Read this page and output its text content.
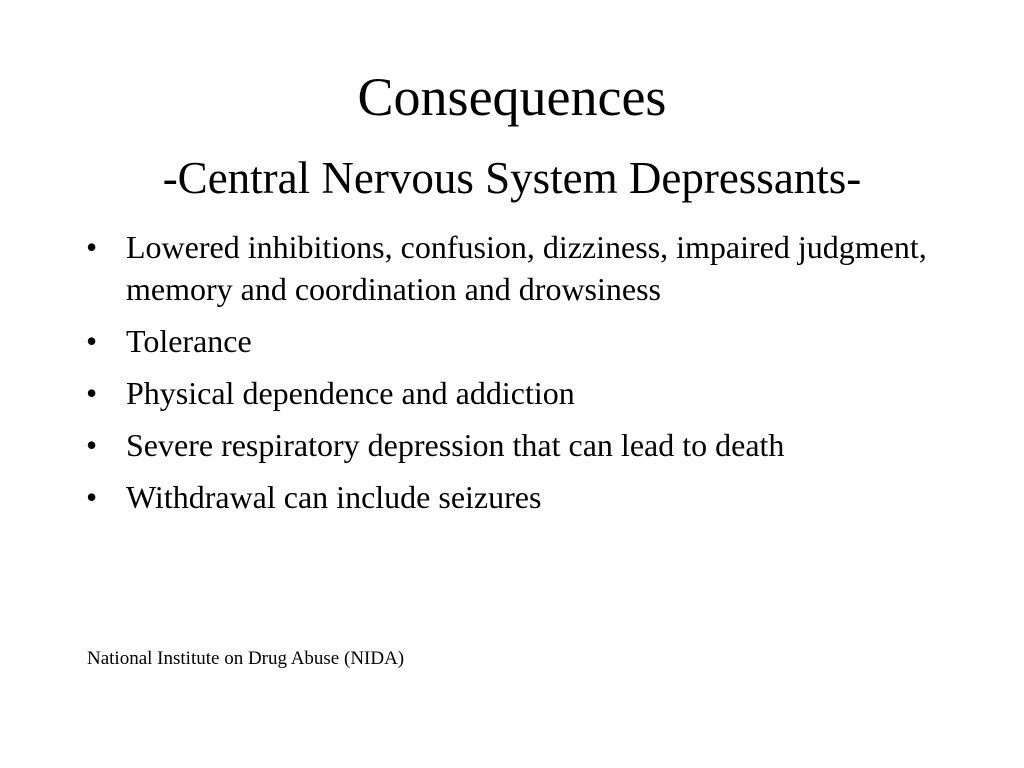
Consequences
-Central Nervous System Depressants-
• Lowered inhibitions, confusion, dizziness, impaired judgment, memory and coordination and drowsiness
• Tolerance
• Physical dependence and addiction
• Severe respiratory depression that can lead to death
• Withdrawal can include seizures
National Institute on Drug Abuse (NIDA)
